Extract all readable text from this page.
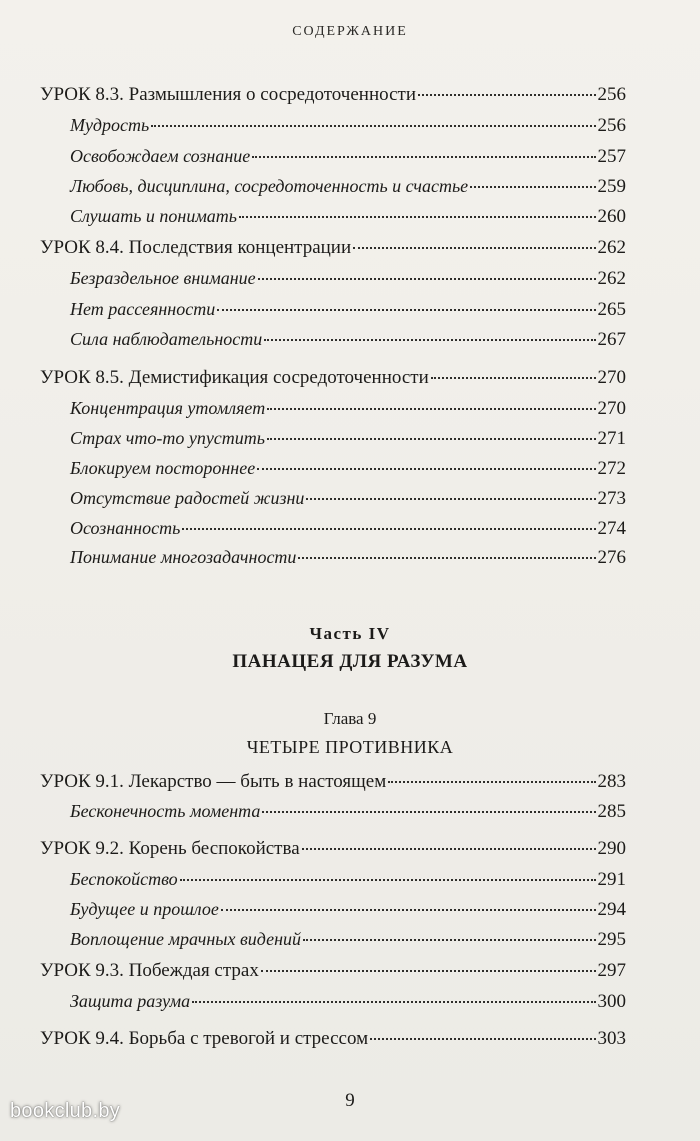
СОДЕРЖАНИЕ
УРОК 8.3. Размышления о сосредоточенности	256
Мудрость	256
Освобождаем сознание	257
Любовь, дисциплина, сосредоточенность и счастье	259
Слушать и понимать	260
УРОК 8.4. Последствия концентрации	262
Безраздельное внимание	262
Нет рассеянности	265
Сила наблюдательности	267
УРОК 8.5. Демистификация сосредоточенности	270
Концентрация утомляет	270
Страх что-то упустить	271
Блокируем постороннее	272
Отсутствие радостей жизни	273
Осознанность	274
Понимание многозадачности	276
Часть IV
ПАНАЦЕЯ ДЛЯ РАЗУМА
Глава 9
ЧЕТЫРЕ ПРОТИВНИКА
УРОК 9.1. Лекарство — быть в настоящем	283
Бесконечность момента	285
УРОК 9.2. Корень беспокойства	290
Беспокойство	291
Будущее и прошлое	294
Воплощение мрачных видений	295
УРОК 9.3. Побеждая страх	297
Защита разума	300
УРОК 9.4. Борьба с тревогой и стрессом	303
9
bookclub.by
